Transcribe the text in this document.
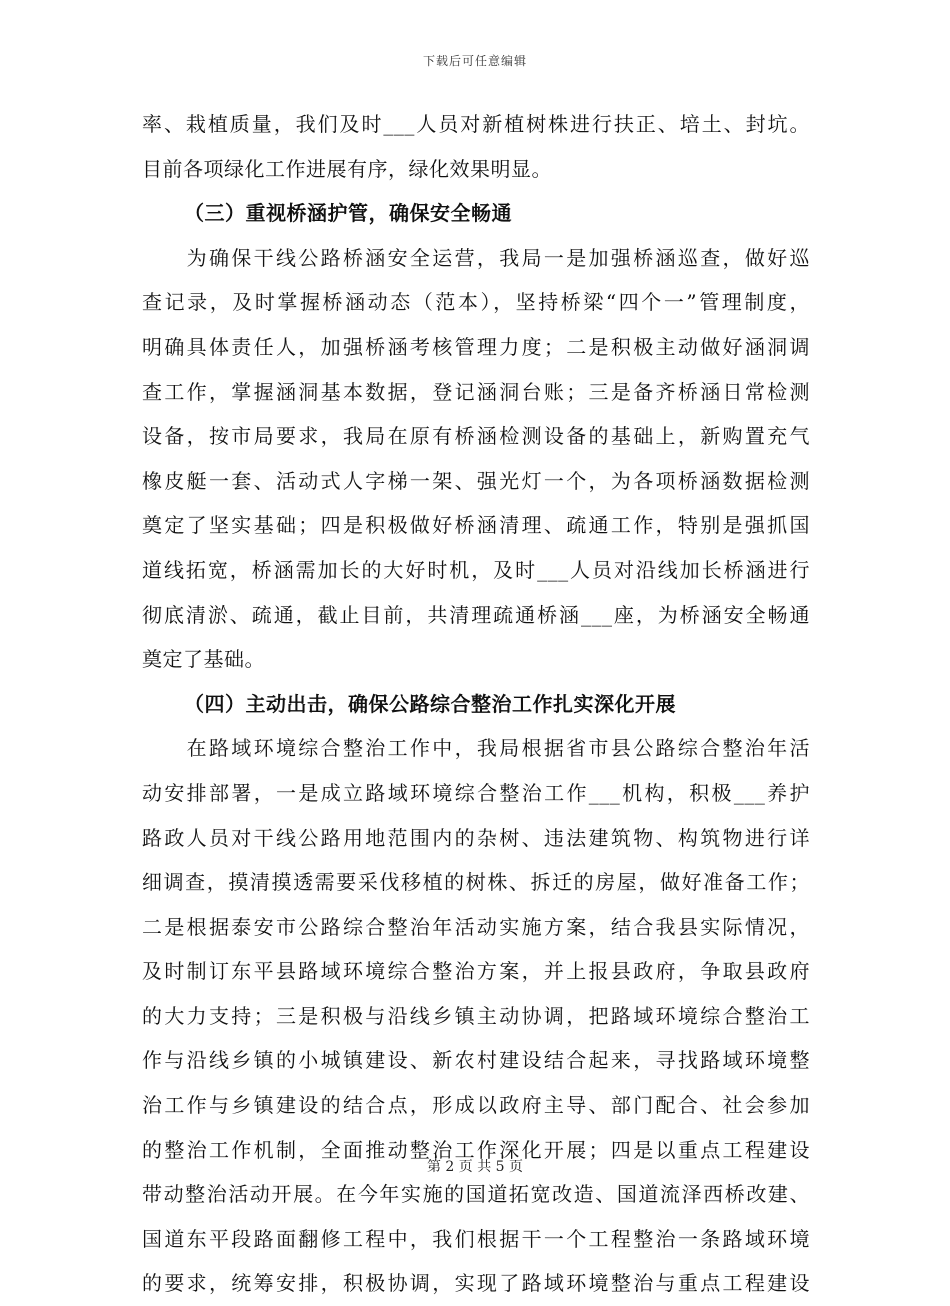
下载后可任意编辑
率、栽植质量，我们及时___人员对新植树株进行扶正、培土、封坑。
目前各项绿化工作进展有序，绿化效果明显。
（三）重视桥涵护管，确保安全畅通
　　为确保干线公路桥涵安全运营，我局一是加强桥涵巡查，做好巡
查记录，及时掌握桥涵动态（范本），坚持桥梁“四个一”管理制度，
明确具体责任人，加强桥涵考核管理力度；二是积极主动做好涵洞调
查工作，掌握涵洞基本数据，登记涵洞台账；三是备齐桥涵日常检测
设备，按市局要求，我局在原有桥涵检测设备的基础上，新购置充气
橡皮艇一套、活动式人字梯一架、强光灯一个，为各项桥涵数据检测
奠定了坚实基础；四是积极做好桥涵清理、疏通工作，特别是强抓国
道线拓宽，桥涵需加长的大好时机，及时___人员对沿线加长桥涵进行
彻底清淤、疏通，截止目前，共清理疏通桥涵___座，为桥涵安全畅通
奠定了基础。
（四）主动出击，确保公路综合整治工作扎实深化开展
　　在路域环境综合整治工作中，我局根据省市县公路综合整治年活
动安排部署，一是成立路域环境综合整治工作___机构，积极___养护
路政人员对干线公路用地范围内的杂树、违法建筑物、构筑物进行详
细调查，摸清摸透需要采伐移植的树株、拆迁的房屋，做好准备工作；
二是根据泰安市公路综合整治年活动实施方案，结合我县实际情况，
及时制订东平县路域环境综合整治方案，并上报县政府，争取县政府
的大力支持；三是积极与沿线乡镇主动协调，把路域环境综合整治工
作与沿线乡镇的小城镇建设、新农村建设结合起来，寻找路域环境整
治工作与乡镇建设的结合点，形成以政府主导、部门配合、社会参加
的整治工作机制，全面推动整治工作深化开展；四是以重点工程建设
带动整治活动开展。在今年实施的国道拓宽改造、国道流泽西桥改建、
国道东平段路面翻修工程中，我们根据干一个工程整治一条路域环境
的要求，统筹安排，积极协调，实现了路域环境整治与重点工程建设
第 2 页 共 5 页
